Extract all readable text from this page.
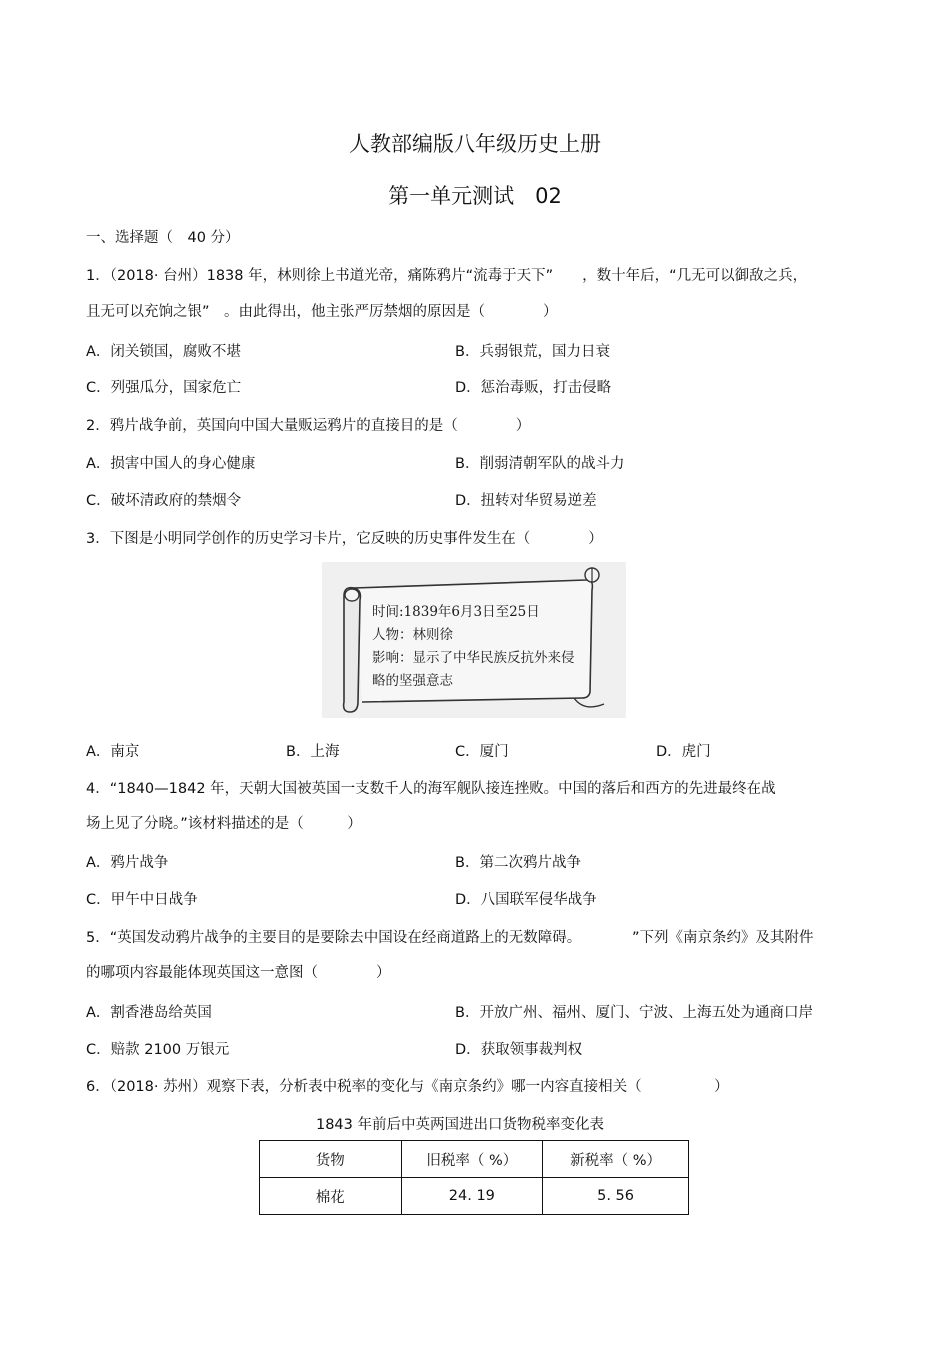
人教部编版八年级历史上册
第一单元测试　02
一、选择题（　40 分）
1．（2018· 台州）1838 年，林则徐上书道光帝，痛陈鸦片“流毒于天下”　　，数十年后，“几无可以御敌之兵，
且无可以充饷之银”　。由此得出，他主张严厉禁烟的原因是（　　　　）
A．闭关锁国，腐败不堪	B．兵弱银荒，国力日衰
C．列强瓜分，国家危亡	D．惩治毒贩，打击侵略
2．鸦片战争前，英国向中国大量贩运鸦片的直接目的是（　　　　）
A．损害中国人的身心健康	B．削弱清朝军队的战斗力
C．破坏清政府的禁烟令	D．扭转对华贸易逆差
3．下图是小明同学创作的历史学习卡片，它反映的历史事件发生在（　　　　）
时间:1839年6月3日至25日
人物：林则徐
影响：显示了中华民族反抗外来侵
略的坚强意志
A．南京	B．上海	C．厦门	D．虎门
4．“1840—1842 年，天朝大国被英国一支数千人的海军舰队接连挫败。中国的落后和西方的先进最终在战
场上见了分晓。”该材料描述的是（　　　）
A．鸦片战争	B．第二次鸦片战争
C．甲午中日战争	D．八国联军侵华战争
5．“英国发动鸦片战争的主要目的是要除去中国设在经商道路上的无数障碍。　　　　”下列《南京条约》及其附件
的哪项内容最能体现英国这一意图（　　　　）
A．割香港岛给英国	B．开放广州、福州、厦门、宁波、上海五处为通商口岸
C．赔款 2100 万银元	D．获取领事裁判权
6．（2018· 苏州）观察下表，分析表中税率的变化与《南京条约》哪一内容直接相关（　　　　　）
1843 年前后中英两国进出口货物税率变化表
货物	旧税率（ %）	新税率（ %）
棉花	24. 19	5. 56
